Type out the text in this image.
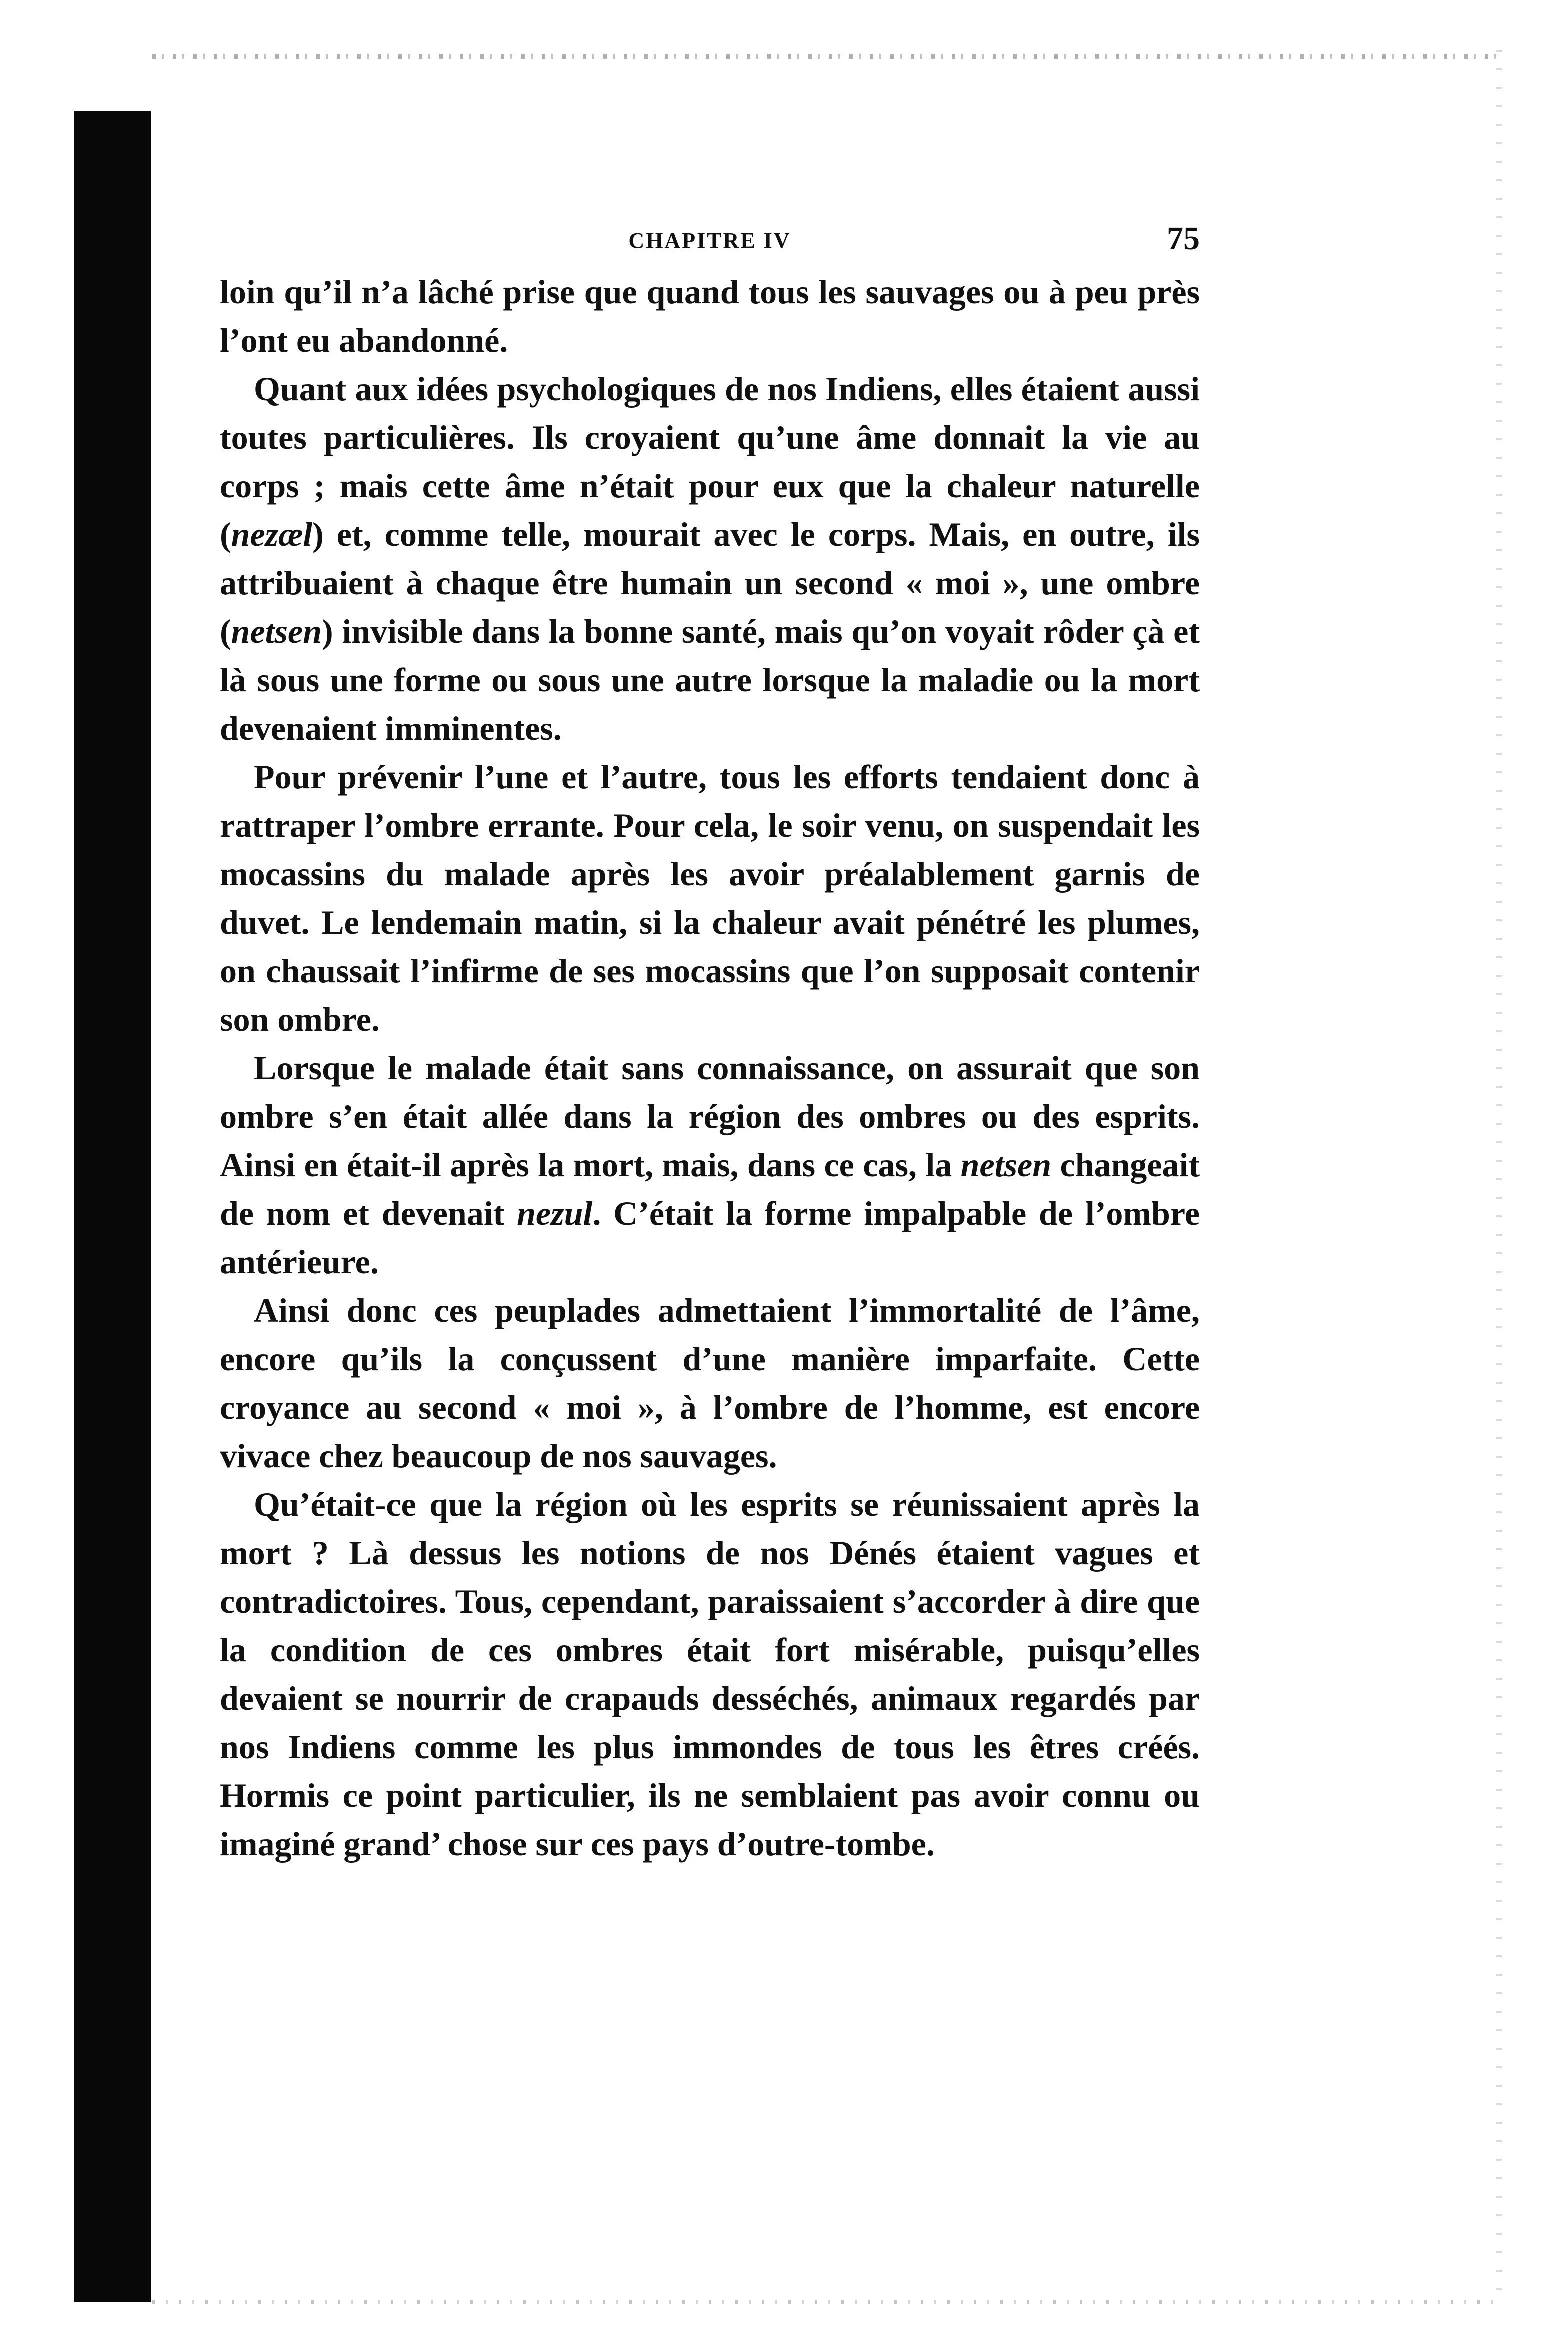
CHAPITRE IV	75

loin qu’il n’a lâché prise que quand tous les sauvages ou à peu près l’ont eu abandonné.

Quant aux idées psychologiques de nos Indiens, elles étaient aussi toutes particulières. Ils croyaient qu’une âme donnait la vie au corps ; mais cette âme n’était pour eux que la chaleur naturelle (nezæl) et, comme telle, mourait avec le corps. Mais, en outre, ils attribuaient à chaque être humain un second « moi », une ombre (netsen) invisible dans la bonne santé, mais qu’on voyait rôder çà et là sous une forme ou sous une autre lorsque la maladie ou la mort devenaient imminentes.

Pour prévenir l’une et l’autre, tous les efforts tendaient donc à rattraper l’ombre errante. Pour cela, le soir venu, on suspendait les mocassins du malade après les avoir préalablement garnis de duvet. Le lendemain matin, si la chaleur avait pénétré les plumes, on chaussait l’infirme de ses mocassins que l’on supposait contenir son ombre.

Lorsque le malade était sans connaissance, on assurait que son ombre s’en était allée dans la région des ombres ou des esprits. Ainsi en était-il après la mort, mais, dans ce cas, la netsen changeait de nom et devenait nezul. C’était la forme impalpable de l’ombre antérieure.

Ainsi donc ces peuplades admettaient l’immortalité de l’âme, encore qu’ils la conçussent d’une manière imparfaite. Cette croyance au second « moi », à l’ombre de l’homme, est encore vivace chez beaucoup de nos sauvages.

Qu’était-ce que la région où les esprits se réunissaient après la mort ? Là dessus les notions de nos Dénés étaient vagues et contradictoires. Tous, cependant, paraissaient s’accorder à dire que la condition de ces ombres était fort misérable, puisqu’elles devaient se nourrir de crapauds desséchés, animaux regardés par nos Indiens comme les plus immondes de tous les êtres créés. Hormis ce point particulier, ils ne semblaient pas avoir connu ou imaginé grand’ chose sur ces pays d’outre-tombe.
